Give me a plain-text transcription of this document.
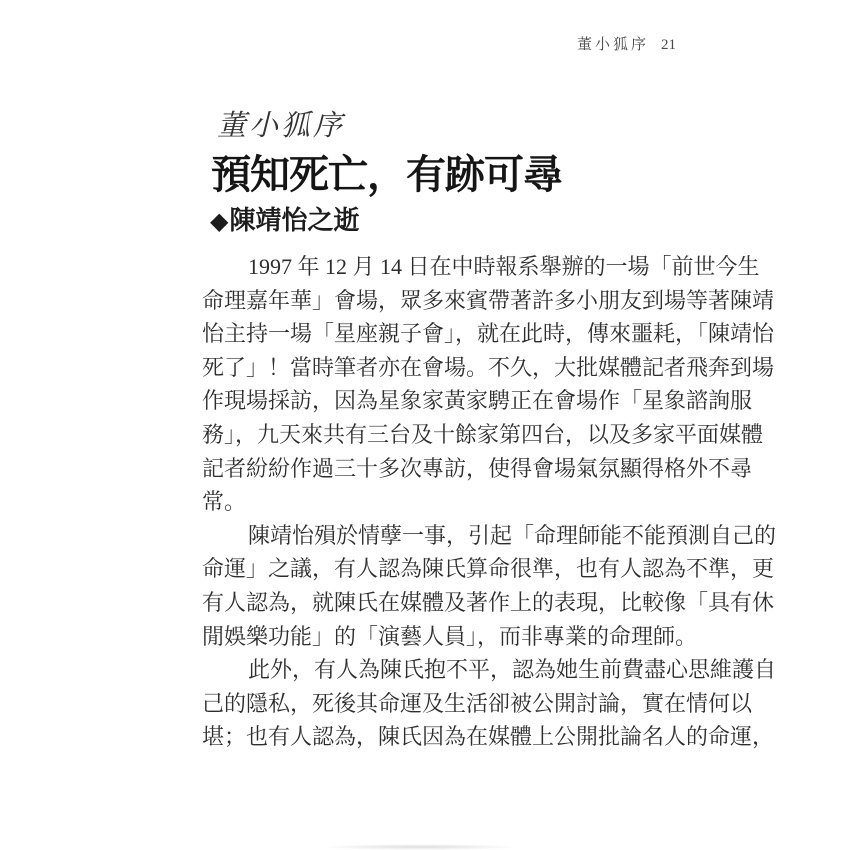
董小狐序 21
董小狐序
預知死亡，有跡可尋
◆陳靖怡之逝
1997 年 12 月 14 日在中時報系舉辦的一場「前世今生
命理嘉年華」會場，眾多來賓帶著許多小朋友到場等著陳靖
怡主持一場「星座親子會」，就在此時，傳來噩耗，「陳靖怡
死了」！當時筆者亦在會場。不久，大批媒體記者飛奔到場
作現場採訪，因為星象家黃家騁正在會場作「星象諮詢服
務」，九天來共有三台及十餘家第四台，以及多家平面媒體
記者紛紛作過三十多次專訪，使得會場氣氛顯得格外不尋
常。
陳靖怡殞於情孽一事，引起「命理師能不能預測自己的
命運」之議，有人認為陳氏算命很準，也有人認為不準，更
有人認為，就陳氏在媒體及著作上的表現，比較像「具有休
閒娛樂功能」的「演藝人員」，而非專業的命理師。
此外，有人為陳氏抱不平，認為她生前費盡心思維護自
己的隱私，死後其命運及生活卻被公開討論，實在情何以
堪；也有人認為，陳氏因為在媒體上公開批論名人的命運，
